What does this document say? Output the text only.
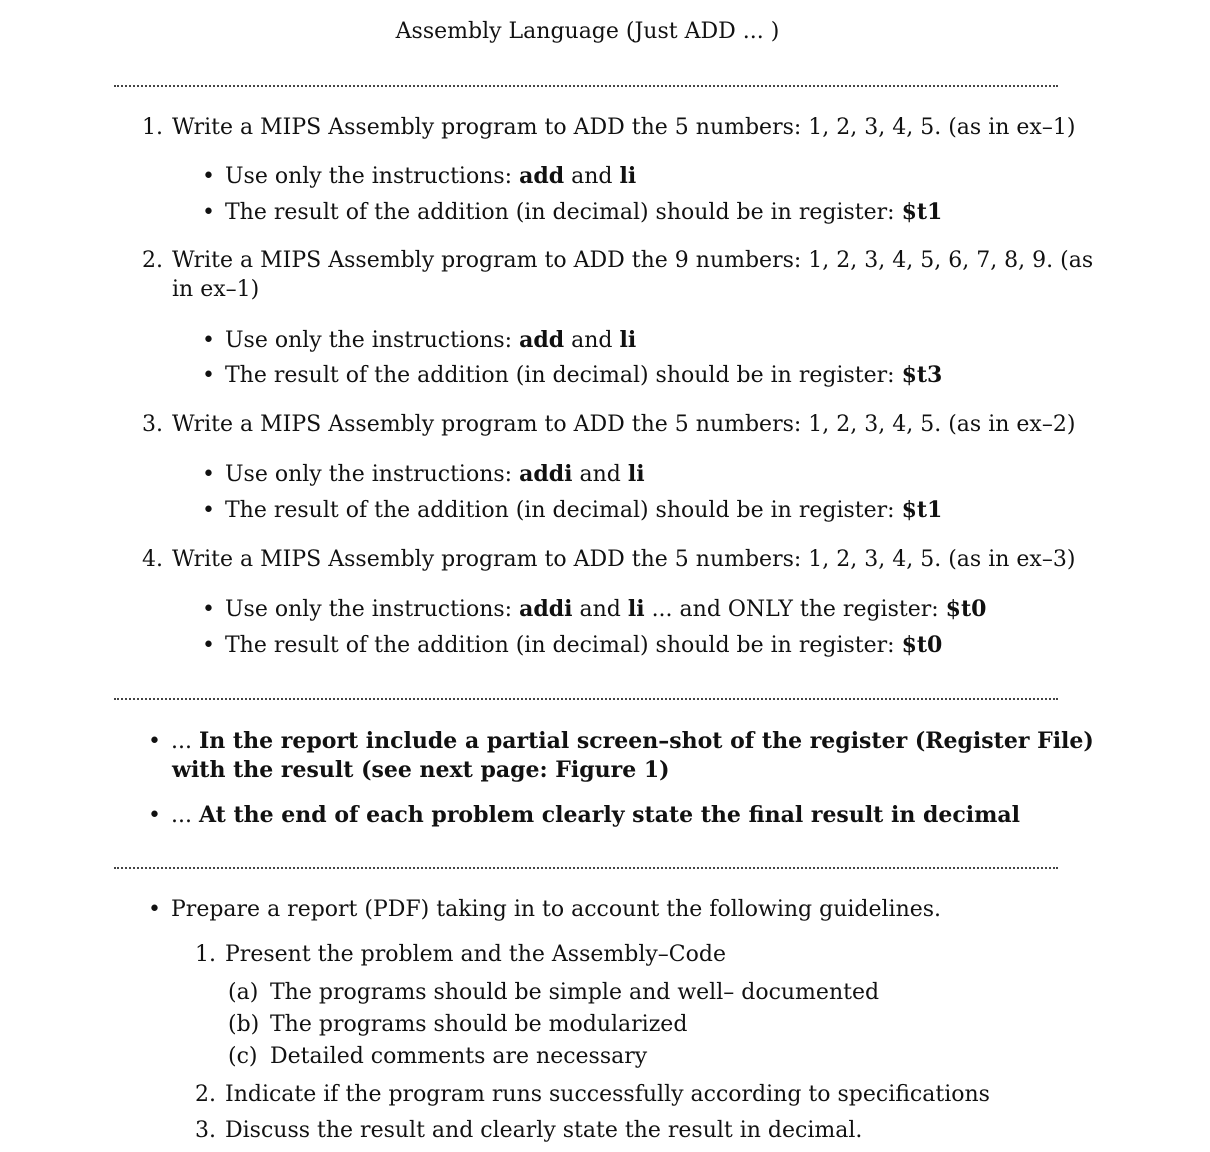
Assembly Language (Just ADD ... )
1. Write a MIPS Assembly program to ADD the 5 numbers: 1, 2, 3, 4, 5. (as in ex–1)
• Use only the instructions: add and li
• The result of the addition (in decimal) should be in register: $t1
2. Write a MIPS Assembly program to ADD the 9 numbers: 1, 2, 3, 4, 5, 6, 7, 8, 9. (as
in ex–1)
• Use only the instructions: add and li
• The result of the addition (in decimal) should be in register: $t3
3. Write a MIPS Assembly program to ADD the 5 numbers: 1, 2, 3, 4, 5. (as in ex–2)
• Use only the instructions: addi and li
• The result of the addition (in decimal) should be in register: $t1
4. Write a MIPS Assembly program to ADD the 5 numbers: 1, 2, 3, 4, 5. (as in ex–3)
• Use only the instructions: addi and li ... and ONLY the register: $t0
• The result of the addition (in decimal) should be in register: $t0
• ... In the report include a partial screen–shot of the register (Register File)
with the result (see next page: Figure 1)
• ... At the end of each problem clearly state the final result in decimal
• Prepare a report (PDF) taking in to account the following guidelines.
1. Present the problem and the Assembly–Code
(a) The programs should be simple and well– documented
(b) The programs should be modularized
(c) Detailed comments are necessary
2. Indicate if the program runs successfully according to specifications
3. Discuss the result and clearly state the result in decimal.
